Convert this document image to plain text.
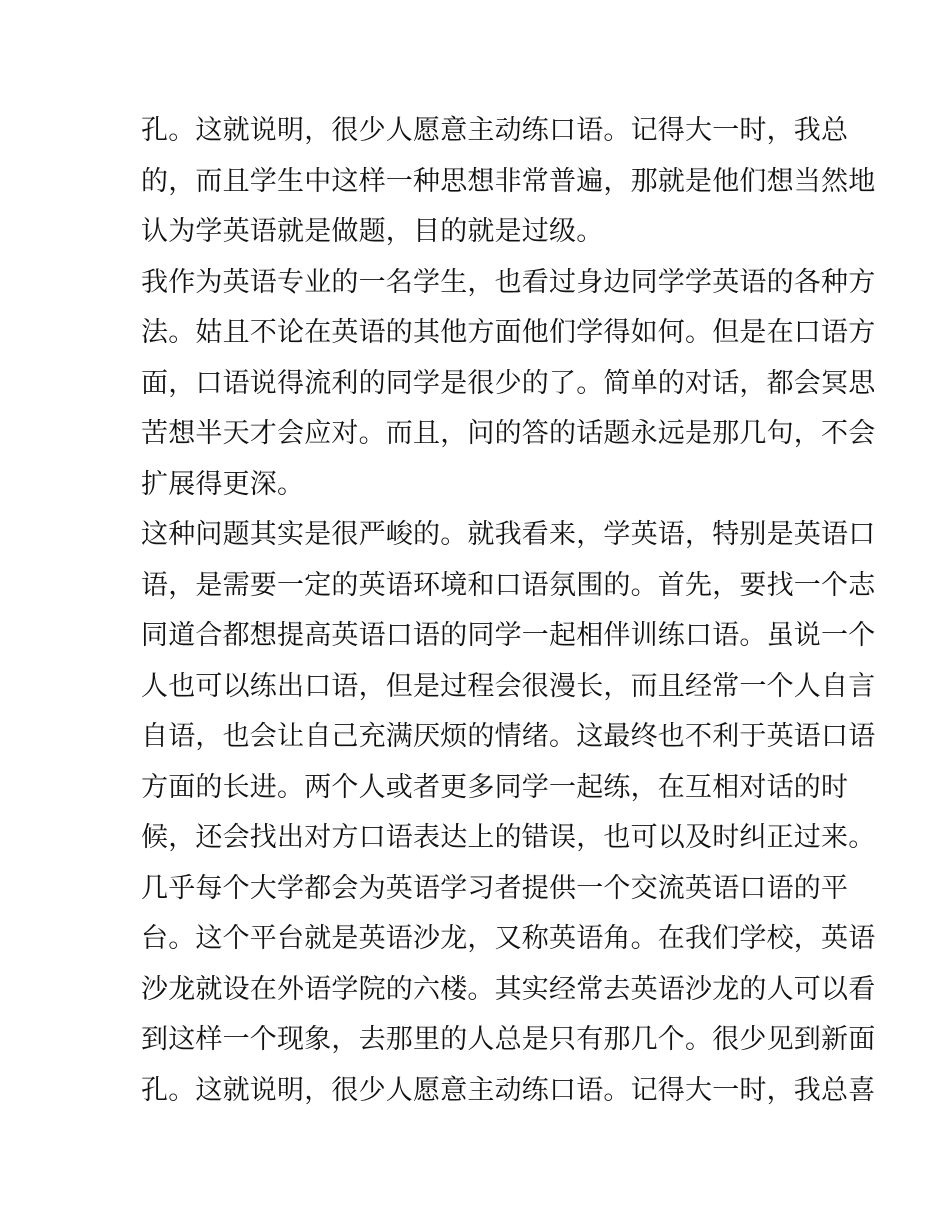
孔。这就说明，很少人愿意主动练口语。记得大一时，我总
的，而且学生中这样一种思想非常普遍，那就是他们想当然地
认为学英语就是做题，目的就是过级。
我作为英语专业的一名学生，也看过身边同学学英语的各种方
法。姑且不论在英语的其他方面他们学得如何。但是在口语方
面，口语说得流利的同学是很少的了。简单的对话，都会冥思
苦想半天才会应对。而且，问的答的话题永远是那几句，不会
扩展得更深。
这种问题其实是很严峻的。就我看来，学英语，特别是英语口
语，是需要一定的英语环境和口语氛围的。首先，要找一个志
同道合都想提高英语口语的同学一起相伴训练口语。虽说一个
人也可以练出口语，但是过程会很漫长，而且经常一个人自言
自语，也会让自己充满厌烦的情绪。这最终也不利于英语口语
方面的长进。两个人或者更多同学一起练，在互相对话的时
候，还会找出对方口语表达上的错误，也可以及时纠正过来。
几乎每个大学都会为英语学习者提供一个交流英语口语的平
台。这个平台就是英语沙龙，又称英语角。在我们学校，英语
沙龙就设在外语学院的六楼。其实经常去英语沙龙的人可以看
到这样一个现象，去那里的人总是只有那几个。很少见到新面
孔。这就说明，很少人愿意主动练口语。记得大一时，我总喜
